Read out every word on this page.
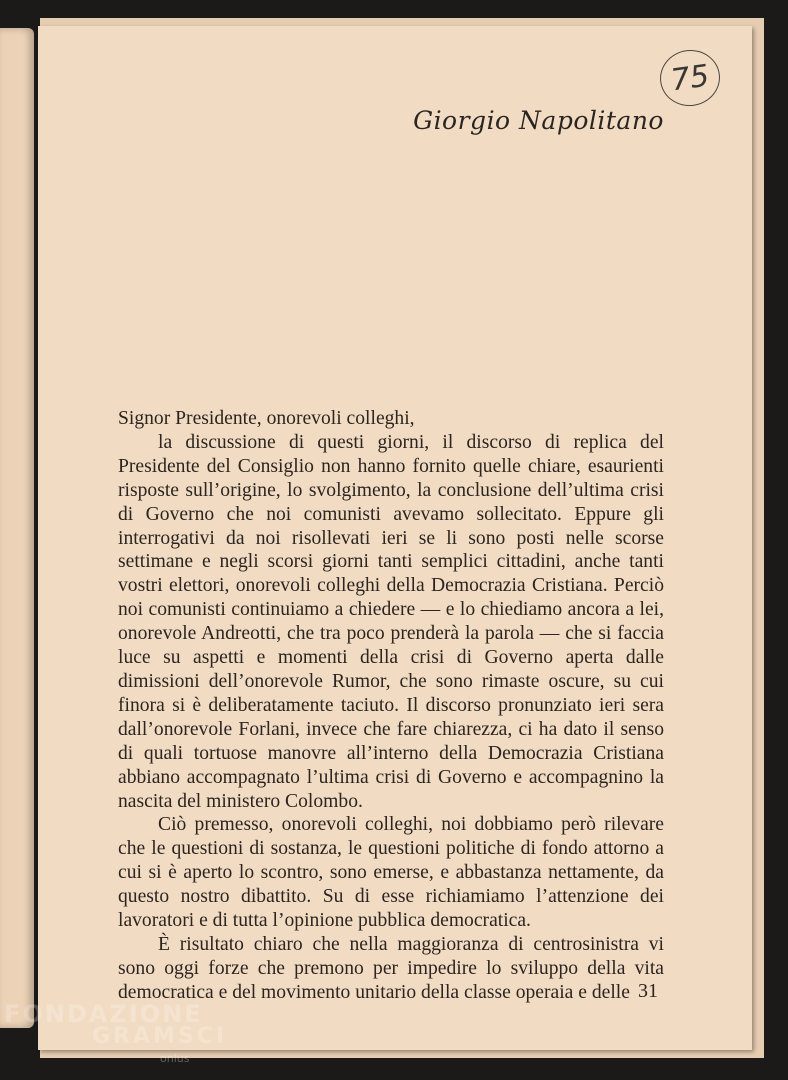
75
Giorgio Napolitano

Signor Presidente, onorevoli colleghi,

la discussione di questi giorni, il discorso di replica del Presidente del Consiglio non hanno fornito quelle chiare, esaurienti risposte sull’origine, lo svolgimento, la conclusione dell’ultima crisi di Governo che noi comunisti avevamo sollecitato. Eppure gli interrogativi da noi risollevati ieri se li sono posti nelle scorse settimane e negli scorsi giorni tanti semplici cittadini, anche tanti vostri elettori, onorevoli colleghi della Democrazia Cristiana. Perciò noi comunisti continuiamo a chiedere — e lo chiediamo ancora a lei, onorevole Andreotti, che tra poco prenderà la parola — che si faccia luce su aspetti e momenti della crisi di Governo aperta dalle dimissioni dell’onorevole Rumor, che sono rimaste oscure, su cui finora si è deliberatamente taciuto. Il discorso pronunziato ieri sera dall’onorevole Forlani, invece che fare chiarezza, ci ha dato il senso di quali tortuose manovre all’interno della Democrazia Cristiana abbiano accompagnato l’ultima crisi di Governo e accompagnino la nascita del ministero Colombo.

Ciò premesso, onorevoli colleghi, noi dobbiamo però rilevare che le questioni di sostanza, le questioni politiche di fondo attorno a cui si è aperto lo scontro, sono emerse, e abbastanza nettamente, da questo nostro dibattito. Su di esse richiamiamo l’attenzione dei lavoratori e di tutta l’opinione pubblica democratica.

È risultato chiaro che nella maggioranza di centrosinistra vi sono oggi forze che premono per impedire lo sviluppo della vita democratica e del movimento unitario della classe operaia e delle 31
FONDAZIONE
GRAMSCI
onlus
